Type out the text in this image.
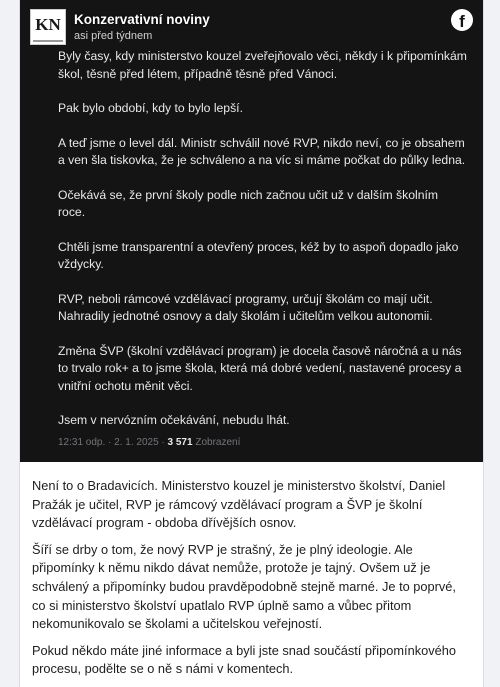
KN Konzervativní noviny
asi před týdnem
f

Byly časy, kdy ministerstvo kouzel zveřejňovalo věci, někdy i k připomínkám škol, těsně před létem, případně těsně před Vánoci.

Pak bylo období, kdy to bylo lepší.

A teď jsme o level dál. Ministr schválil nové RVP, nikdo neví, co je obsahem a ven šla tiskovka, že je schváleno a na víc si máme počkat do půlky ledna.

Očekává se, že první školy podle nich začnou učit už v dalším školním roce.

Chtěli jsme transparentní a otevřený proces, kéž by to aspoň dopadlo jako vždycky.

RVP, neboli rámcové vzdělávací programy, určují školám co mají učit. Nahradily jednotné osnovy a daly školám i učitelům velkou autonomii.

Změna ŠVP (školní vzdělávací program) je docela časově náročná a u nás to trvalo rok+ a to jsme škola, která má dobré vedení, nastavené procesy a vnitřní ochotu měnit věci.

Jsem v nervózním očekávání, nebudu lhát.

12:31 odp. · 2. 1. 2025 · 3 571 Zobrazení

Není to o Bradavicích. Ministerstvo kouzel je ministerstvo školství, Daniel Pražák je učitel, RVP je rámcový vzdělávací program a ŠVP je školní vzdělávací program - obdoba dřívějších osnov.

Šíří se drby o tom, že nový RVP je strašný, že je plný ideologie. Ale připomínky k němu nikdo dávat nemůže, protože je tajný. Ovšem už je schválený a připomínky budou pravděpodobně stejně marné. Je to poprvé, co si ministerstvo školství upatlalo RVP úplně samo a vůbec přitom nekomunikovalo se školami a učitelskou veřejností.

Pokud někdo máte jiné informace a byli jste snad součástí připomínkového procesu, podělte se o ně s námi v komentech.
